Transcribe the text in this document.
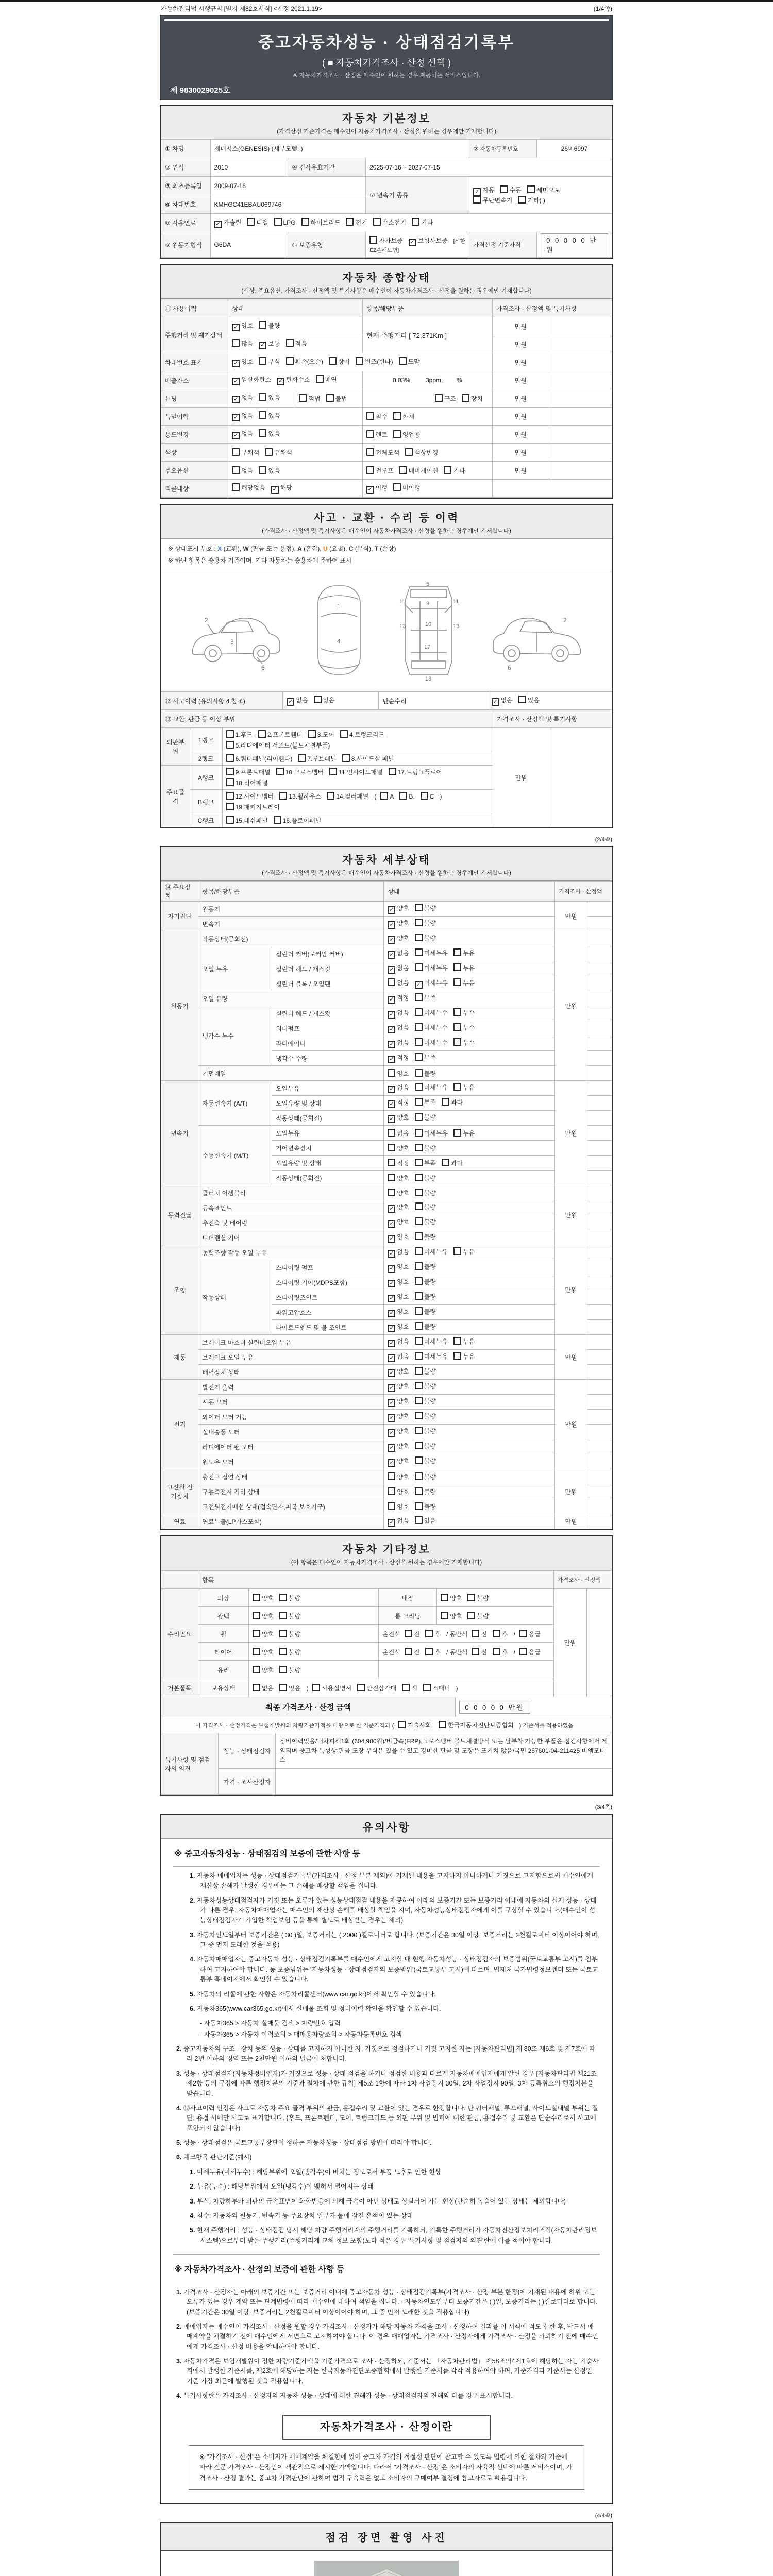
자동차관리법 시행규칙 [별지 제82호서식] <개정 2021.1.19>	(1/4쪽)
중고자동차성능 · 상태점검기록부
( ■ 자동차가격조사 · 산정 선택 )
※ 자동차가격조사 · 산정은 매수인이 원하는 경우 제공하는 서비스입니다.
제 9830029025호
자동차 기본정보
(가격산정 기준가격은 매수인이 자동차가격조사 · 산정을 원하는 경우에만 기재합니다)
① 차명	제네시스(GENESIS) (세부모델: )			② 자동차등록번호	26머6997
③ 연식	2010	④ 검사유효기간	2025-07-16 ~ 2027-07-15		
⑤ 최초등록일	2009-07-16		⑦ 변속기 종류	✓ 자동 수동 세미오토
무단변속기 기타( )	

⑥ 차대번호	KMHGC41EBAU069746				
⑧ 사용연료	✓ 가솔린 디젤 LPG 하이브리드 전기 수소전기 기타				
⑨ 원동기형식	G6DA	⑩ 보증유형	자가보증 ✓ 보험사보증 [신한EZ손해보험]	가격산정 기준가격	0 0 0 0 0 만원
자동차 종합상태
(색상, 주요옵션, 가격조사 · 산정액 및 특기사항은 매수인이 자동차가격조사 · 산정을 원하는 경우에만 기재합니다)
⑪ 사용이력	상태		항목/해당부품	가격조사 · 산정액 및 특기사항	
주행거리 및 계기상태	✓ 양호 불량		현재 주행거리 [ 72,371Km ]	만원	
	많음 ✓ 보통 적음			만원	
차대번호 표기	✓ 양호 부식 훼손(오손) 상이 변조(변타) 도말			만원	
배출가스	✓ 일산화탄소 ✓ 탄화수소 매연		0.03%,        3ppm,        %	만원	
튜닝	✓ 없음 있음	적법 불법	구조 장치	만원	
특별이력	✓ 없음 있음		침수 화재	만원	
용도변경	✓ 없음 있음		렌트 영업용	만원	
색상	무채색 유채색		전체도색 색상변경	만원	
주요옵션	없음 있음		썬루프 네비게이션 기타	만원	
리콜대상	해당없음 ✓ 해당		✓ 이행 미이행		
사고 · 교환 · 수리 등 이력
(가격조사 · 산정액 및 특기사항은 매수인이 자동차가격조사 · 산정을 원하는 경우에만 기재합니다)
※ 상태표시 부호 : X (교환), W (판금 또는 용접), A (흠집), U (요철), C (부식), T (손상)
※ 하단 항목은 승용차 기준이며, 기타 자동차는 승용차에 준하여 표시
2
6
3
1
4
5
9
11	11
13	13
10
17
18
2
6
⑫ 사고이력 (유의사항 4.참조)	✓ 없음 있음	단순수리	✓ 없음 있음
⑬ 교환, 판금 등 이상 부위			가격조사 · 산정액 및 특기사항	
외판부위	1랭크	1.후드 2.프론트휀더 3.도어 4.트렁크리드
5.라디에이터 서포트(볼트체결부품)	만원	
	2랭크	6.쿼터패널(리어휀다) 7.루브패널 8.사이드실 패널		

주요골격	A랭크	9.프론트패널 10.크로스멤버 11.인사이드패널 17.트렁크플로어
18.리어패널		

	B랭크	12.사이드멤버 13.휠하우스 14.필러패널 ( A B. C )
19.패키지트레이		

	C랭크	15.대쉬패널 16.플로어패널		
(2/4쪽)
자동차 세부상태
(가격조사 · 산정액 및 특기사항은 매수인이 자동차가격조사 · 산정을 원하는 경우에만 기재합니다)
⑭ 주요장치	항목/해당부품		상태	가격조사 · 산정액	
자기진단	원동기		✓ 양호 불량	만원	
	변속기		✓ 양호 불량		
원동기	작동상태(공회전)		✓ 양호 불량	만원	
	오일 누유	실린더 커버(로커암 커버)	✓ 없음 미세누유 누유		
		실린더 헤드 / 개스킷	✓ 없음 미세누유 누유		
		실린더 블록 / 오일팬	없음 ✓ 미세누유 누유		
	오일 유량		✓ 적정 부족		
	냉각수 누수	실린더 헤드 / 개스킷	✓ 없음 미세누수 누수		
		워터펌프	✓ 없음 미세누수 누수		
		라디에이터	✓ 없음 미세누수 누수		
		냉각수 수량	✓ 적정 부족		
	커먼레일		양호 불량		
변속기	자동변속기 (A/T)	오일누유	✓ 없음 미세누유 누유	만원	
		오일유량 및 상태	✓ 적정 부족 과다		
		작동상태(공회전)	✓ 양호 불량		
	수동변속기 (M/T)	오일누유	없음 미세누유 누유		
		기어변속장치	양호 불량		
		오일유량 및 상태	적정 부족 과다		
		작동상태(공회전)	양호 불량		
동력전달	클러치 어셈블리		양호 불량	만원	
	등속죠인트		✓ 양호 불량		
	추진축 및 베어링		✓ 양호 불량		
	디퍼렌셜 기어		✓ 양호 불량		
조향	동력조향 작동 오일 누유		✓ 없음 미세누유 누유	만원	
	작동상태	스티어링 펌프	✓ 양호 불량		
		스티어링 기어(MDPS포함)	✓ 양호 불량		
		스티어링조인트	✓ 양호 불량		
		파워고압호스	✓ 양호 불량		
		타이로드엔드 및 볼 조인트	✓ 양호 불량		
제동	브레이크 마스터 실린더오일 누유		✓ 없음 미세누유 누유	만원	
	브레이크 오일 누유		✓ 없음 미세누유 누유		
	배력장치 상태		✓ 양호 불량		
전기	발전기 출력		✓ 양호 불량	만원	
	시동 모터		✓ 양호 불량		
	와이퍼 모터 기능		✓ 양호 불량		
	실내송풍 모터		✓ 양호 불량		
	라디에이터 팬 모터		✓ 양호 불량		
	윈도우 모터		✓ 양호 불량		
고전원 전기장치	충전구 절연 상태		양호 불량	만원	
	구동축전지 격리 상태		양호 불량		
	고전원전기배선 상태(접속단자,피복,보호기구)		양호 불량		
연료	연료누출(LP가스포함)		✓ 없음 있음	만원	
자동차 기타정보
(이 항목은 매수인이 자동차가격조사 · 산정을 원하는 경우에만 기재합니다)
	항목				가격조사 · 산정액	
수리필요	외장	양호 불량	내장	양호 불량	만원	
	광택	양호 불량	룸 크리닝	양호 불량		
	휠	양호 불량	운전석 전 후 / 동반석 전 후 / 응급			
	타이어	양호 불량	운전석 전 후 / 동반석 전 후 / 응급			
	유리	양호 불량				
기본품목	보유상태	없음 있음 ( 사용설명서 안전삼각대 잭 스패너 )				
최종 가격조사 · 산정 금액	0 0 0 0 0 만원
이 가격조사 · 산정가격은 보험개발원의 차량기준가액을 바탕으로 한 기준가격과 ( 기술사회, 한국자동차진단보증협회 ) 기준서를 적용하였음
특기사항 및 점검자의 의견	성능 · 상태점검자	정비이력있음/내차피해1회 (604,900원)/비금속(FRP),크로스멤버 볼트체결방식 또는 탈부착 가능한 부품은 점검사항에서 제외되며 중고차 특성상 판금 도장 부식은 있을 수 있고 경미한 판금 및 도장은 표기치 않음/국민 257601-04-211425 비엠모터스
	가격 · 조사산정자	
(3/4쪽)
유의사항
※ 중고자동차성능 · 상태점검의 보증에 관한 사항 등
1. 자동차 매매업자는 성능 · 상태점검기록부(가격조사 · 산정 부분 제외)에 기재된 내용을 고지하지 아니하거나 거짓으로 고지함으로써 매수인에게 재산상 손해가 발생한 경우에는 그 손해를 배상할 책임을 집니다.
2. 자동차성능상태점검자가 거짓 또는 오류가 있는 성능상태점검 내용을 제공하여 아래의 보증기간 또는 보증거리 이내에 자동차의 실제 성능 · 상태가 다른 경우, 자동차매매업자는 매수인의 재산상 손해를 배상할 책임을 지며, 자동차성능상태점검자에게 이를 구상할 수 있습니다.(매수인이 성능상태점검자가 가입한 책임보험 등을 통해 별도로 배상받는 경우는 제외)
3. 자동차인도일부터 보증기간은 ( 30 )일, 보증거리는 ( 2000 )킬로미터로 합니다. (보증기간은 30일 이상, 보증거리는 2천킬로미터 이상이어야 하며, 그 중 먼저 도래한 것을 적용)
4. 자동차매매업자는 중고자동차 성능 · 상태점검기록부를 매수인에게 고지할 때 현행 자동차성능 · 상태점검자의 보증범위(국토교통부 고시)를 첨부하여 고지하여야 합니다. 동 보증범위는 '자동차성능 · 상태점검자의 보증범위'(국토교통부 고시)에 따르며, 법제처 국가법령정보센터 또는 국토교통부 홈페이지에서 확인할 수 있습니다.
5. 자동차의 리콜에 관한 사항은 자동차리콜센터(www.car.go.kr)에서 확인할 수 있습니다.
6. 자동차365(www.car365.go.kr)에서 실매물 조회 및 정비이력 확인을 확인할 수 있습니다.
- 자동차365 > 자동차 실매물 검색 > 차량번호 입력
- 자동차365 > 자동차 이력조회 > 매매용차량조회 > 자동차등록번호 검색
2. 중고자동차의 구조 · 장치 등의 성능 · 상태를 고지하지 아니한 자, 거짓으로 점검하거나 거짓 고지한 자는 [자동차관리법] 제 80조 제6호 및 제7호에 따라 2년 이하의 징역 또는 2천만원 이하의 벌금에 처합니다.
3. 성능 · 상태점검자(자동차정비업자)가 거짓으로 성능 · 상태 점검을 하거나 점검한 내용과 다르게 자동차매매업자에게 알린 경우 [자동차관리법 제21조 제2항 등의 규정에 따른 행정처분의 기준과 절차에 관한 규칙] 제5조 1항에 따라 1차 사업정지 30일, 2차 사업정지 90일, 3차 등록취소의 행정처분을 받습니다.
4. ⑫사고이력 인정은 사고로 자동차 주요 골격 부위의 판금, 용접수리 및 교환이 있는 경우로 한정합니다. 단 쿼터패널, 루프패널, 사이드실패널 부위는 절단, 용접 시에만 사고로 표기합니다. (후드, 프론트펜더, 도어, 트렁크리드 등 외판 부위 및 범퍼에 대한 판금, 용접수리 및 교환은 단순수리로서 사고에 포함되지 않습니다)
5. 성능 · 상태점검은 국토교통부장관이 정하는 자동차성능 · 상태점검 방법에 따라야 합니다.
6. 체크항목 판단기준(예시)
1. 미세누유(미세누수) : 해당부위에 오일(냉각수)이 비치는 정도로서 부품 노후로 인한 현상
2. 누유(누수) : 해당부위에서 오일(냉각수)이 맺혀서 떨어지는 상태
3. 부식: 차량하부와 외판의 금속표면이 화학반응에 의해 금속이 아닌 상태로 상실되어 가는 현상(단순히 녹슬어 있는 상태는 제외합니다)
4. 침수: 자동차의 원동기, 변속기 등 주요장치 일부가 물에 잠긴 흔적이 있는 상태
5. 현재 주행거리 : 성능 · 상태점검 당시 해당 차량 주행거리계의 주행거리를 기록하되, 기록한 주행거리가 자동차전산정보처리조직(자동차관리정보시스템)으로부터 받은 주행거리(주행거리계 교체 정보 포함)보다 적은 경우 '특기사항 및 점검자의 의견'란에 이를 적어야 합니다.
※ 자동차가격조사 · 산정의 보증에 관한 사항 등
1. 가격조사 · 산정자는 아래의 보증기간 또는 보증거리 이내에 중고자동차 성능 · 상태점검기록부(가격조사 · 산정 부분 한정)에 기재된 내용에 허위 또는 오류가 있는 경우 계약 또는 관계법령에 따라 매수인에 대하여 책임을 집니다. · 자동차인도일부터 보증기간은 ( )일, 보증거리는 ( )킬로미터로 합니다. (보증기간은 30일 이상, 보증거리는 2천킬로미터 이상이어야 하며, 그 중 먼저 도래한 것을 적용합니다)
2. 매매업자는 매수인이 가격조사 · 산정을 원할 경우 가격조사 · 산정자가 해당 자동차 가격을 조사 · 산정하여 결과를 이 서식에 적도록 한 후, 반드시 매매계약을 체결하기 전에 매수인에게 서면으로 고지하여야 합니다. 이 경우 매매업자는 가격조사 · 산정자에게 가격조사 · 산정을 의뢰하기 전에 매수인에게 가격조사 · 산정 비용을 안내하여야 합니다.
3. 자동차가격은 보험개발원이 정한 차량기준가액을 기준가격으로 조사 · 산정하되, 기준서는 「자동차관리법」 제58조의4제1호에 해당하는 자는 기술사회에서 발행한 기준서를, 제2호에 해당하는 자는 한국자동차진단보증협회에서 발행한 기준서를 각각 적용하여야 하며, 기준가격과 기준서는 산정일 기준 가장 최근에 발행된 것을 적용합니다.
4. 특기사항란은 가격조사 · 산정자의 자동차 성능 · 상태에 대한 견해가 성능 · 상태점검자의 견해와 다를 경우 표시합니다.
자동차가격조사 · 산정이란
※ "가격조사 · 산정"은 소비자가 매매계약을 체결함에 있어 중고차 가격의 적절성 판단에 참고할 수 있도록 법령에 의한 절차와 기준에 따라 전문 가격조사 · 산정인이 객관적으로 제시한 가액입니다. 따라서 "가격조사 · 산정"은 소비자의 자율적 선택에 따른 서비스이며, 가격조사 · 산정 결과는 중고차 가격판단에 관하여 법적 구속력은 없고 소비자의 구매여부 결정에 참고자료로 활용됩니다.
(4/4쪽)
점검 장면 촬영 사진
